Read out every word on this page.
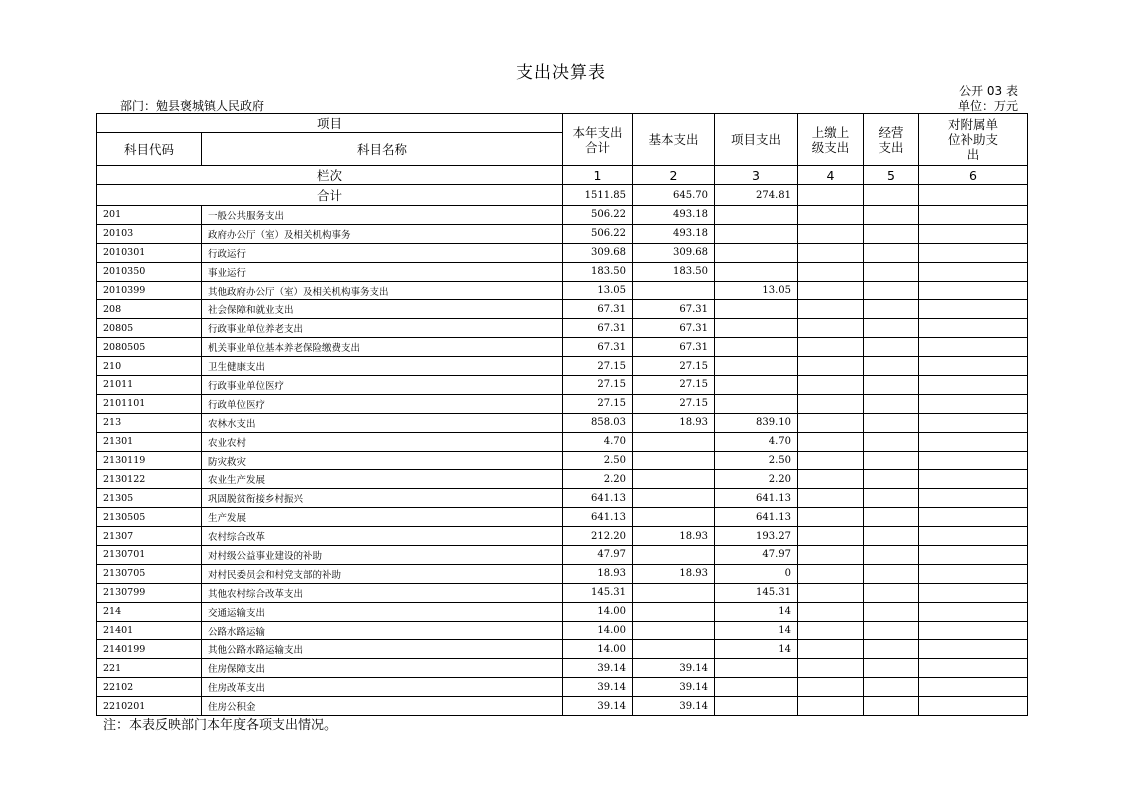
支出决算表
公开 03 表
部门：勉县褒城镇人民政府	单位：万元
项目		本年支出合计	基本支出	项目支出	上缴上级支出	经营支出	对附属单位补助支出

科目代码	科目名称						

栏次		1	2	3	4	5	6
合计		1511.85	645.70	274.81			
201	一般公共服务支出	506.22	493.18				
20103	政府办公厅（室）及相关机构事务	506.22	493.18				
2010301	行政运行	309.68	309.68				
2010350	事业运行	183.50	183.50				
2010399	其他政府办公厅（室）及相关机构事务支出	13.05		13.05			
208	社会保障和就业支出	67.31	67.31				
20805	行政事业单位养老支出	67.31	67.31				
2080505	机关事业单位基本养老保险缴费支出	67.31	67.31				
210	卫生健康支出	27.15	27.15				
21011	行政事业单位医疗	27.15	27.15				
2101101	行政单位医疗	27.15	27.15				
213	农林水支出	858.03	18.93	839.10			
21301	农业农村	4.70		4.70			
2130119	防灾救灾	2.50		2.50			
2130122	农业生产发展	2.20		2.20			
21305	巩固脱贫衔接乡村振兴	641.13		641.13			
2130505	生产发展	641.13		641.13			
21307	农村综合改革	212.20	18.93	193.27			
2130701	对村级公益事业建设的补助	47.97		47.97			
2130705	对村民委员会和村党支部的补助	18.93	18.93	0			
2130799	其他农村综合改革支出	145.31		145.31			
214	交通运输支出	14.00		14			
21401	公路水路运输	14.00		14			
2140199	其他公路水路运输支出	14.00		14			
221	住房保障支出	39.14	39.14				
22102	住房改革支出	39.14	39.14				
2210201	住房公积金	39.14	39.14				
注：本表反映部门本年度各项支出情况。
